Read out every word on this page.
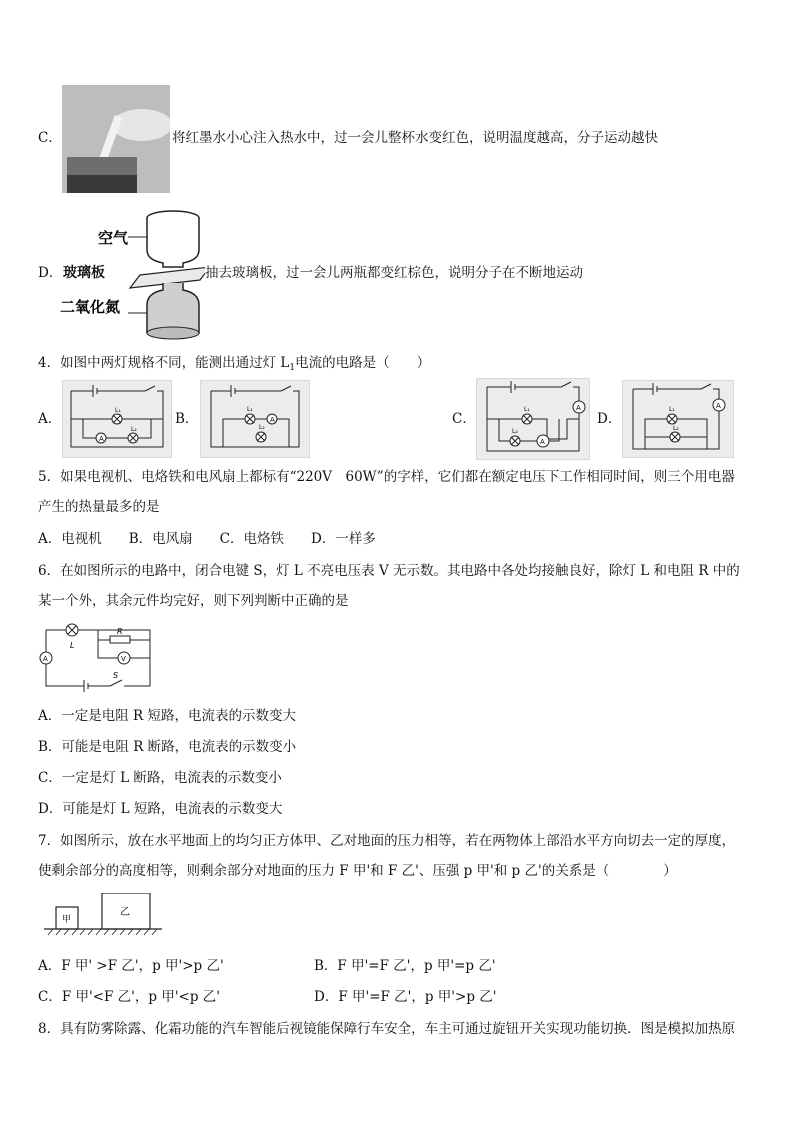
C．	将红墨水小心注入热水中，过一会儿整杯水变红色，说明温度越高，分子运动越快
空气
二氧化氮
D． 玻璃板	抽去玻璃板，过一会儿两瓶都变红棕色，说明分子在不断地运动
4．如图中两灯规格不同，能测出通过灯 $L_1$电流的电路是（　　）
A．
A
L₁
L₂
B．	A
L₁
L₂
C．
A
A
L₁
L₂
D．
A
L₁
L₂
5．如果电视机、电烙铁和电风扇上都标有“220V　60W”的字样，它们都在额定电压下工作相同时间，则三个用电器
产生的热量最多的是
A．电视机　　B．电风扇　　C．电烙铁　　D．一样多
6．在如图所示的电路中，闭合电键 S，灯 L 不亮电压表 V 无示数。其电路中各处均接触良好，除灯 L 和电阻 R 中的
某一个外，其余元件均完好，则下列判断中正确的是
A	V
L
R
S
A．一定是电阻 R 短路，电流表的示数变大
B．可能是电阻 R 断路，电流表的示数变小
C．一定是灯 L 断路，电流表的示数变小
D．可能是灯 L 短路，电流表的示数变大
7．如图所示，放在水平地面上的均匀正方体甲、乙对地面的压力相等，若在两物体上部沿水平方向切去一定的厚度，
使剩余部分的高度相等，则剩余部分对地面的压力 F 甲'和 F 乙'、压强 p 甲'和 p 乙'的关系是（　　　　）
甲
乙
A．F 甲' >F 乙'，p 甲'>p 乙'	B．F 甲'=F 乙'，p 甲'=p 乙'
C．F 甲'<F 乙'，p 甲'<p 乙'	D．F 甲'=F 乙'，p 甲'>p 乙'
8．具有防雾除露、化霜功能的汽车智能后视镜能保障行车安全，车主可通过旋钮开关实现功能切换．图是模拟加热原
